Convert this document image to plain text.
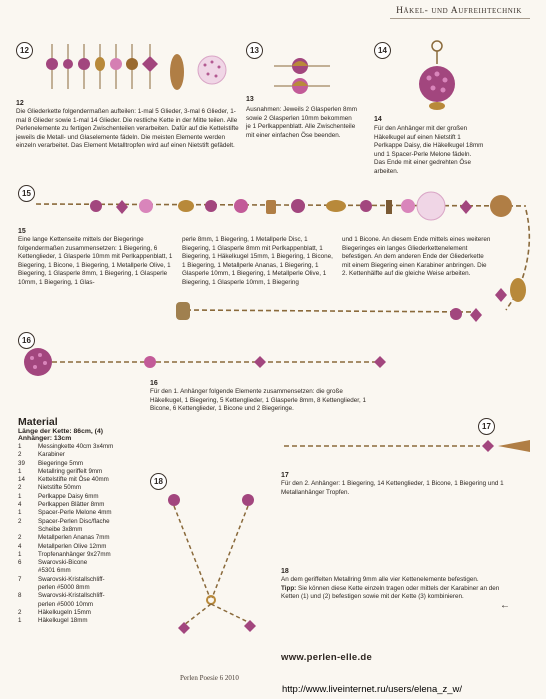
Häkel- und Aufreihtechnik
12
12
Die Gliederkette folgendermaßen aufteilen: 1-mal 5 Glieder, 3-mal 6 Glieder, 1-mal 8 Glieder sowie 1-mal 14 Glieder. Die restliche Kette in der Mitte teilen. Alle Perlenelemente zu fertigen Zwischenteilen verarbeiten. Dafür auf die Kettelstifte jeweils die Metall- und Glaselemente fädeln. Die meisten Elemente werden einzeln verarbeitet. Das Element Metalltropfen wird auf einen Nietstift gefädelt.
13
13
Ausnahmen: Jeweils 2 Glasperlen 8mm sowie 2 Glasperlen 10mm bekommen je 1 Perlkappenblatt. Alle Zwischenteile mit einer einfachen Öse beenden.
14
14
Für den Anhänger mit der großen Häkelkugel auf einen Nietstift 1 Perlkappe Daisy, die Häkelkugel 18mm und 1 Spacer-Perle Melone fädeln. Das Ende mit einer gedrehten Öse arbeiten.
15
15
Eine lange Kettenseite mittels der Biegeringe folgendermaßen zusammensetzen: 1 Biegering, 6 Kettenglieder, 1 Glasperle 10mm mit Perlkappenblatt, 1 Biegering, 1 Bicone, 1 Biegering, 1 Metallperle Olive, 1 Biegering, 1 Glasperle 8mm, 1 Biegering, 1 Glasperle 10mm, 1 Biegering, 1 Glas-
perle 8mm, 1 Biegering, 1 Metallperle Disc, 1 Biegering, 1 Glasperle 8mm mit Perlkappenblatt, 1 Biegering, 1 Häkelkugel 15mm, 1 Biegering, 1 Bicone, 1 Biegering, 1 Metallperle Ananas, 1 Biegering, 1 Glasperle 10mm, 1 Biegering, 1 Metallperle Olive, 1 Biegering, 1 Glasperle 10mm, 1 Biegering
und 1 Bicone. An diesem Ende mittels eines weiteren Biegeringes ein langes Gliederkettenelement befestigen. An dem anderen Ende der Gliederkette mit einem Biegering einen Karabiner anbringen. Die 2. Kettenhälfte auf die gleiche Weise arbeiten.
16
16
Für den 1. Anhänger folgende Elemente zusammensetzen: die große Häkelkugel, 1 Biegering, 5 Kettenglieder, 1 Glasperle 8mm, 8 Kettenglieder, 1 Bicone, 6 Kettenglieder, 1 Bicone und 2 Biegeringe.
Material
Länge der Kette: 86cm, (4)
Anhänger: 13cm
1	Messingkette 40cm 3x4mm
2	Karabiner
39	Biegeringe 5mm
1	Metallring geriffelt 9mm
14	Kettelstifte mit Öse 40mm
2	Nietstifte 50mm
1	Perlkappe Daisy 6mm
4	Perlkappen Blätter 8mm
1	Spacer-Perle Melone 4mm
2	Spacer-Perlen Disc/flache
Scheibe 3x8mm
2	Metallperlen Ananas 7mm
4	Metallperlen Olive 12mm
1	Tropfenanhänger 9x27mm
6	Swarovski-Bicone
#5301 6mm
7	Swarovski-Kristallschliff-
perlen #5000 8mm
8	Swarovski-Kristallschliff-
perlen #5000 10mm
2	Häkelkugeln 15mm
1	Häkelkugel 18mm
17
17
Für den 2. Anhänger: 1 Biegering, 14 Kettenglieder, 1 Bicone, 1 Biegering und 1 Metallanhänger Tropfen.
18
18
An dem geriffelten Metallring 9mm alle vier Kettenelemente befestigen.
Tipp: Sie können diese Kette einzeln tragen oder mittels der Karabiner an den Ketten (1) und (2) befestigen sowie mit der Kette (3) kombinieren.
←
www.perlen-elle.de
Perlen Poesie 6 2010
http://www.liveinternet.ru/users/elena_z_w/
